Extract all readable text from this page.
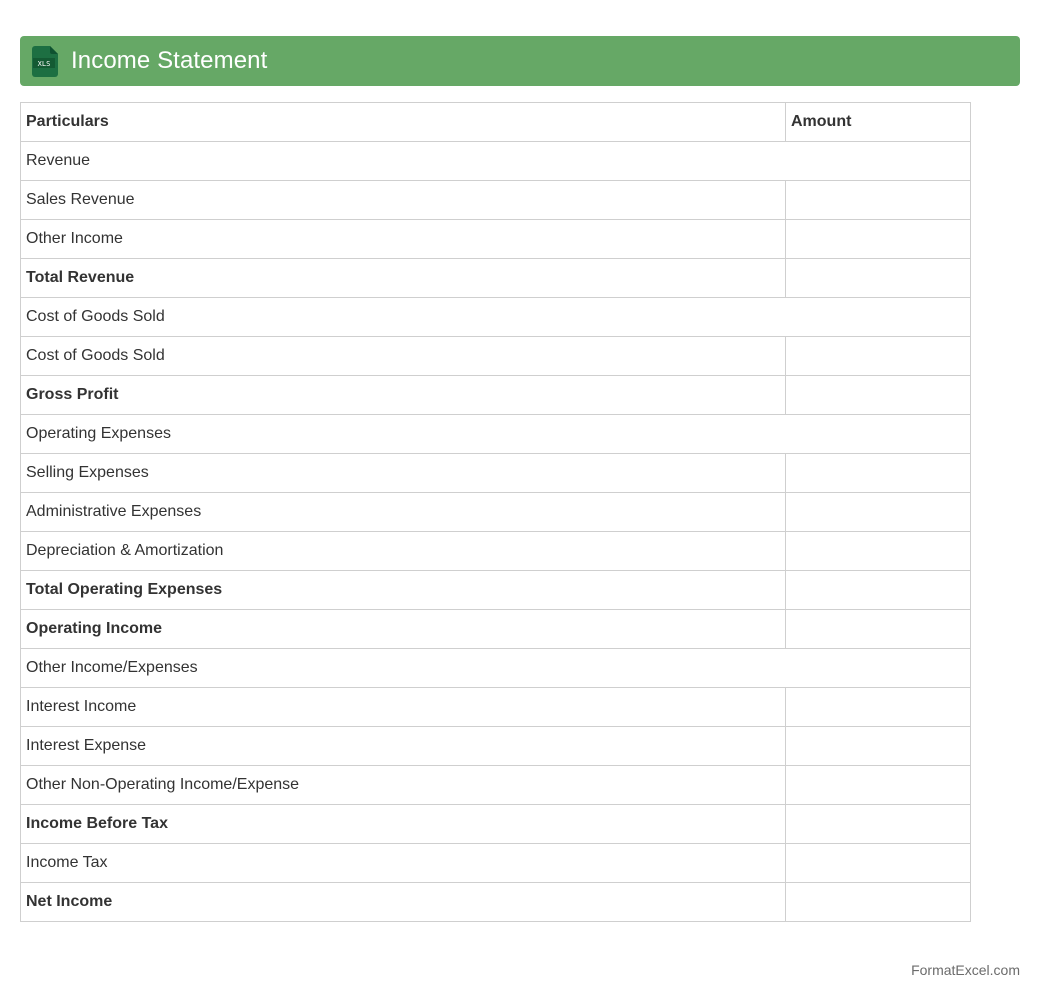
XLS Income Statement
Particulars	Amount
Revenue	
Sales Revenue	
Other Income	
Total Revenue	
Cost of Goods Sold	
Cost of Goods Sold	
Gross Profit	
Operating Expenses	
Selling Expenses	
Administrative Expenses	
Depreciation & Amortization	
Total Operating Expenses	
Operating Income	
Other Income/Expenses	
Interest Income	
Interest Expense	
Other Non-Operating Income/Expense	
Income Before Tax	
Income Tax	
Net Income	
FormatExcel.com
